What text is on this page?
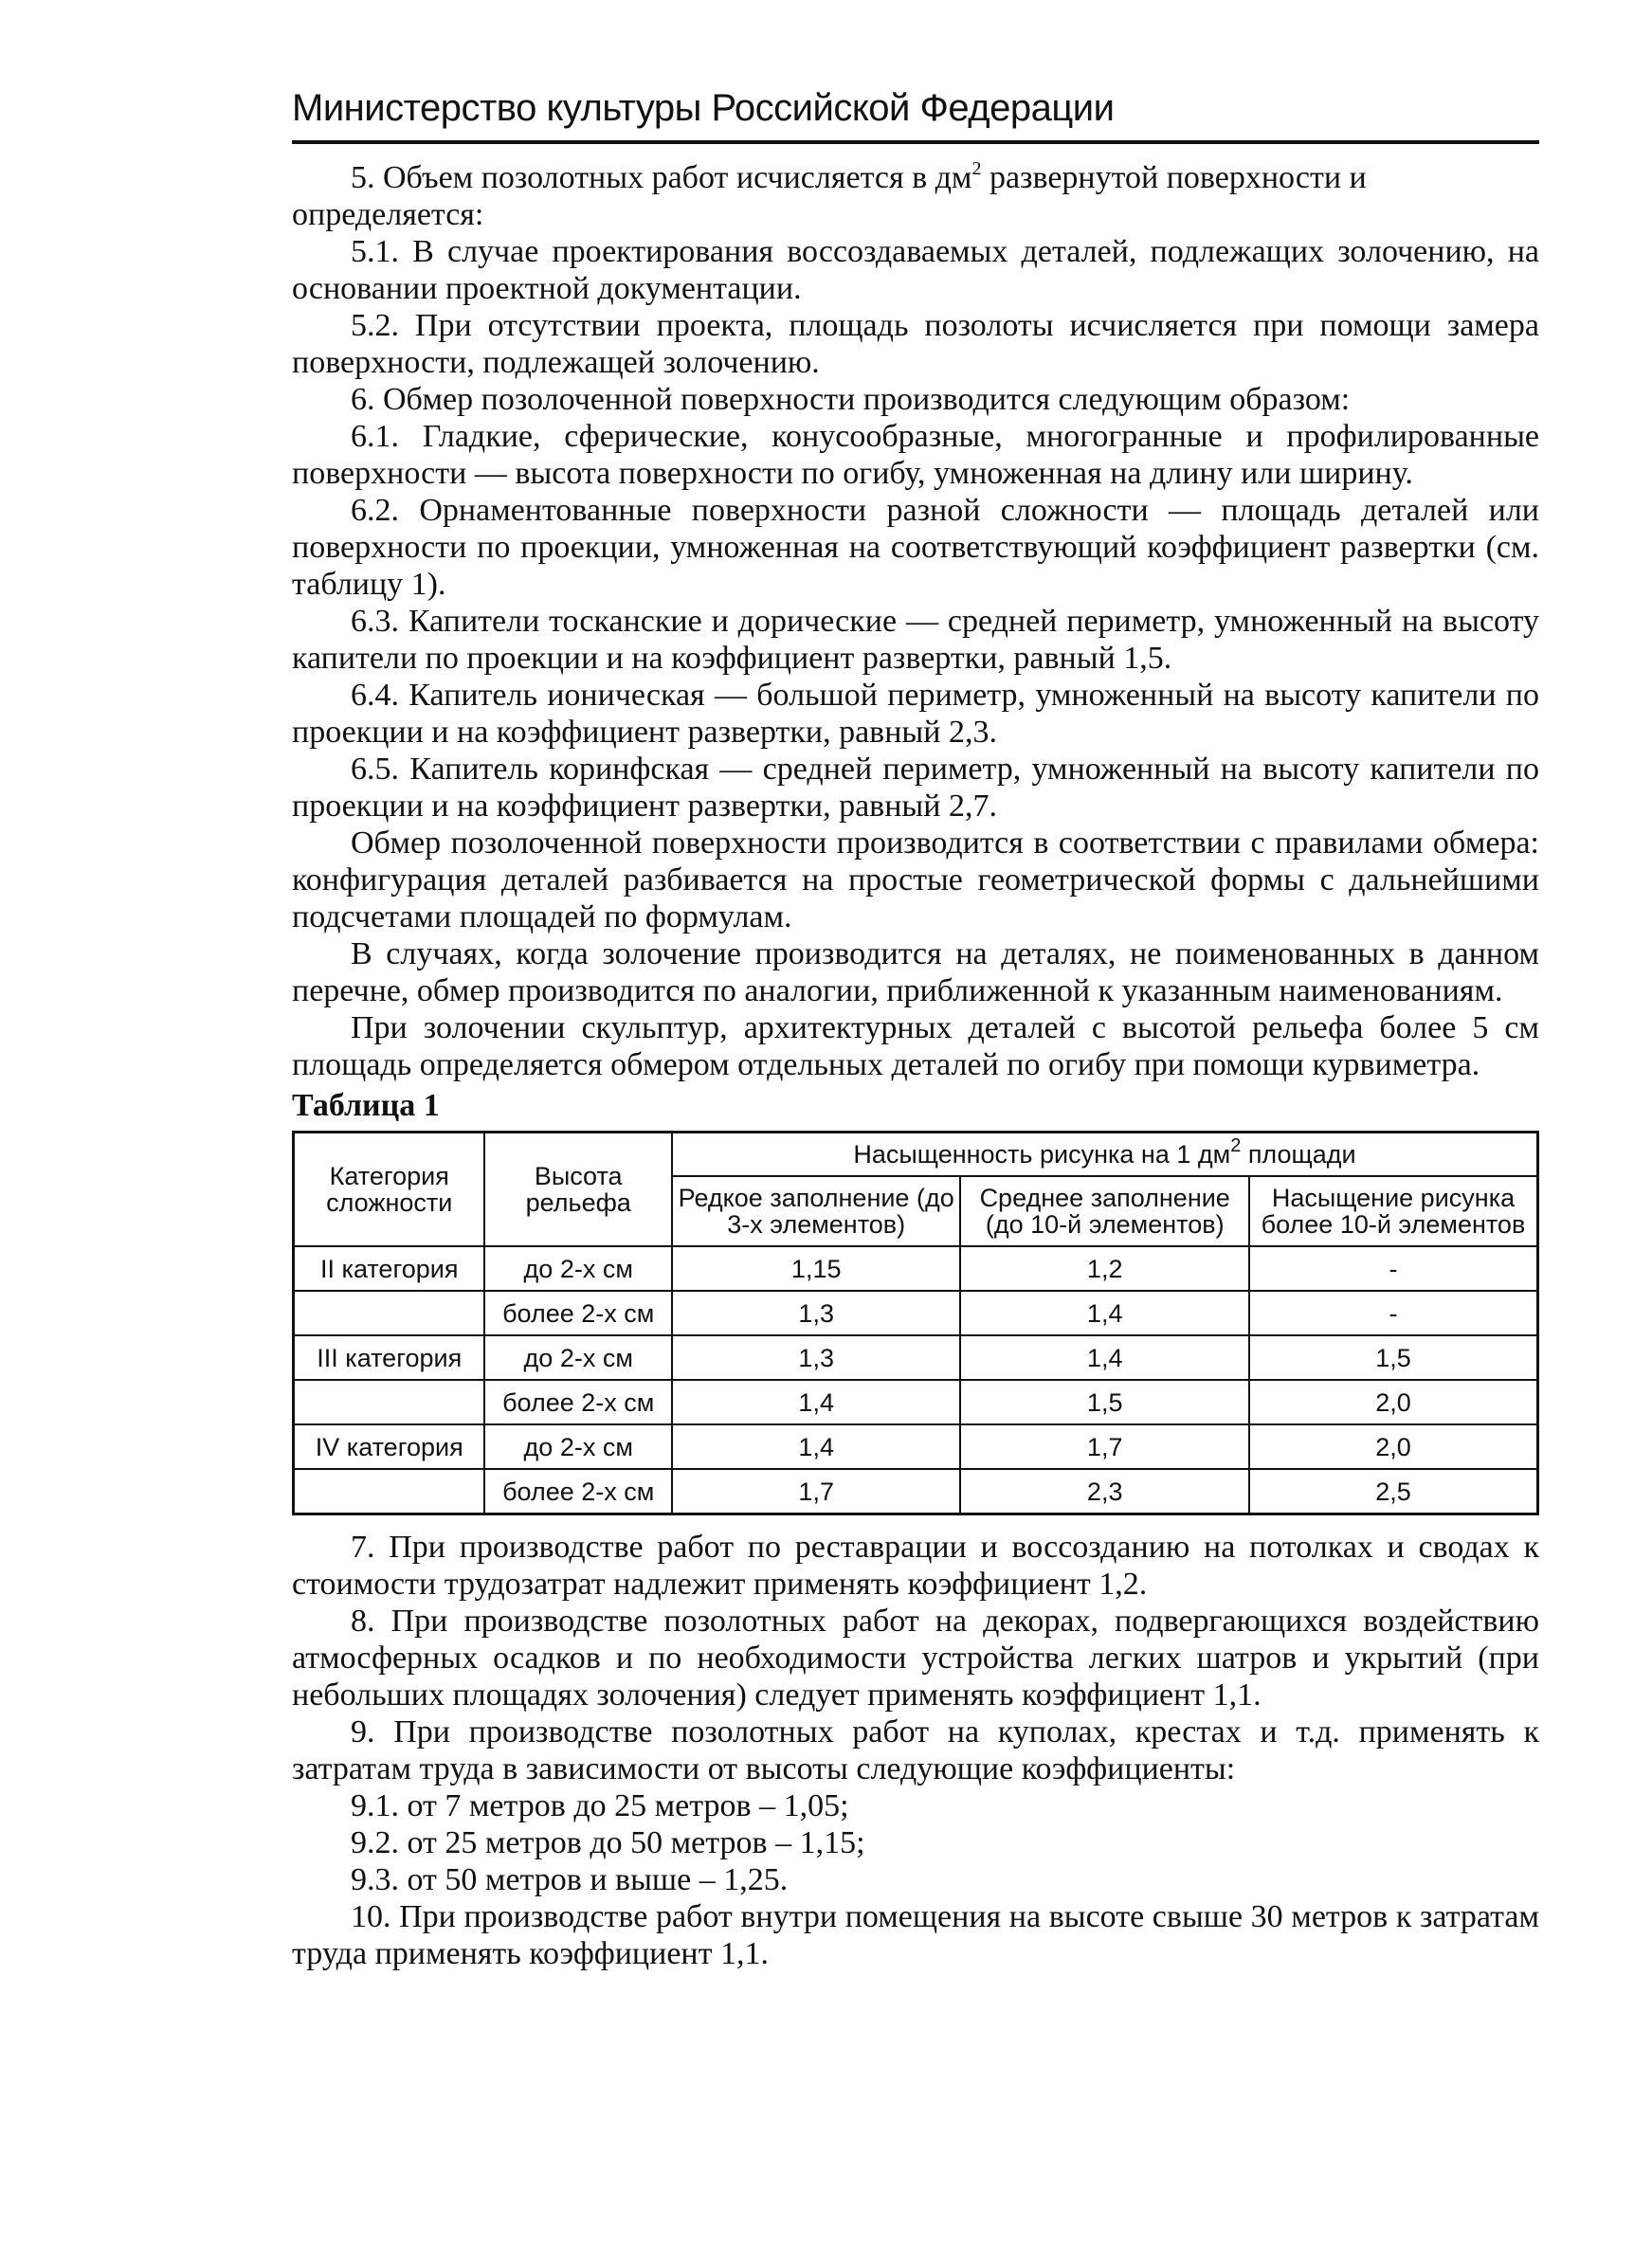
Министерство культуры Российской Федерации

5. Объем позолотных работ исчисляется в $дм^2$ развернутой поверхности и

определяется:

5.1. В случае проектирования воссоздаваемых деталей, подлежащих золочению, на основании проектной документации.

5.2. При отсутствии проекта, площадь позолоты исчисляется при помощи замера поверхности, подлежащей золочению.

6. Обмер позолоченной поверхности производится следующим образом:

6.1. Гладкие, сферические, конусообразные, многогранные и профилированные поверхности — высота поверхности по огибу, умноженная на длину или ширину.

6.2. Орнаментованные поверхности разной сложности — площадь деталей или поверхности по проекции, умноженная на соответствующий коэффициент развертки (см. таблицу 1).

6.3. Капители тосканские и дорические — средней периметр, умноженный на высоту капители по проекции и на коэффициент развертки, равный 1,5.

6.4. Капитель ионическая — большой периметр, умноженный на высоту капители по проекции и на коэффициент развертки, равный 2,3.

6.5. Капитель коринфская — средней периметр, умноженный на высоту капители по проекции и на коэффициент развертки, равный 2,7.

Обмер позолоченной поверхности производится в соответствии с правилами обмера: конфигурация деталей разбивается на простые геометрической формы с дальнейшими подсчетами площадей по формулам.

В случаях, когда золочение производится на деталях, не поименованных в данном перечне, обмер производится по аналогии, приближенной к указанным наименованиям.

При золочении скульптур, архитектурных деталей с высотой рельефа более 5 см площадь определяется обмером отдельных деталей по огибу при помощи курвиметра.

Таблица 1
Категория сложности	Высота рельефа	Насыщенность рисунка на 1 $дм^2$ площади		
		Редкое заполнение (до 3-х элементов)	Среднее заполнение (до 10-й элементов)	Насыщение рисунка более 10-й элементов
II категория	до 2-х см	1,15	1,2	-
	более 2-х см	1,3	1,4	-
III категория	до 2-х см	1,3	1,4	1,5
	более 2-х см	1,4	1,5	2,0
IV категория	до 2-х см	1,4	1,7	2,0
	более 2-х см	1,7	2,3	2,5

7. При производстве работ по реставрации и воссозданию на потолках и сводах к стоимости трудозатрат надлежит применять коэффициент 1,2.

8. При производстве позолотных работ на декорах, подвергающихся воздействию атмосферных осадков и по необходимости устройства легких шатров и укрытий (при небольших площадях золочения) следует применять коэффициент 1,1.

9. При производстве позолотных работ на куполах, крестах и т.д. применять к затратам труда в зависимости от высоты следующие коэффициенты:

9.1. от 7 метров до 25 метров – 1,05;

9.2. от 25 метров до 50 метров – 1,15;

9.3. от 50 метров и выше – 1,25.

10. При производстве работ внутри помещения на высоте свыше 30 метров к затратам труда применять коэффициент 1,1.
